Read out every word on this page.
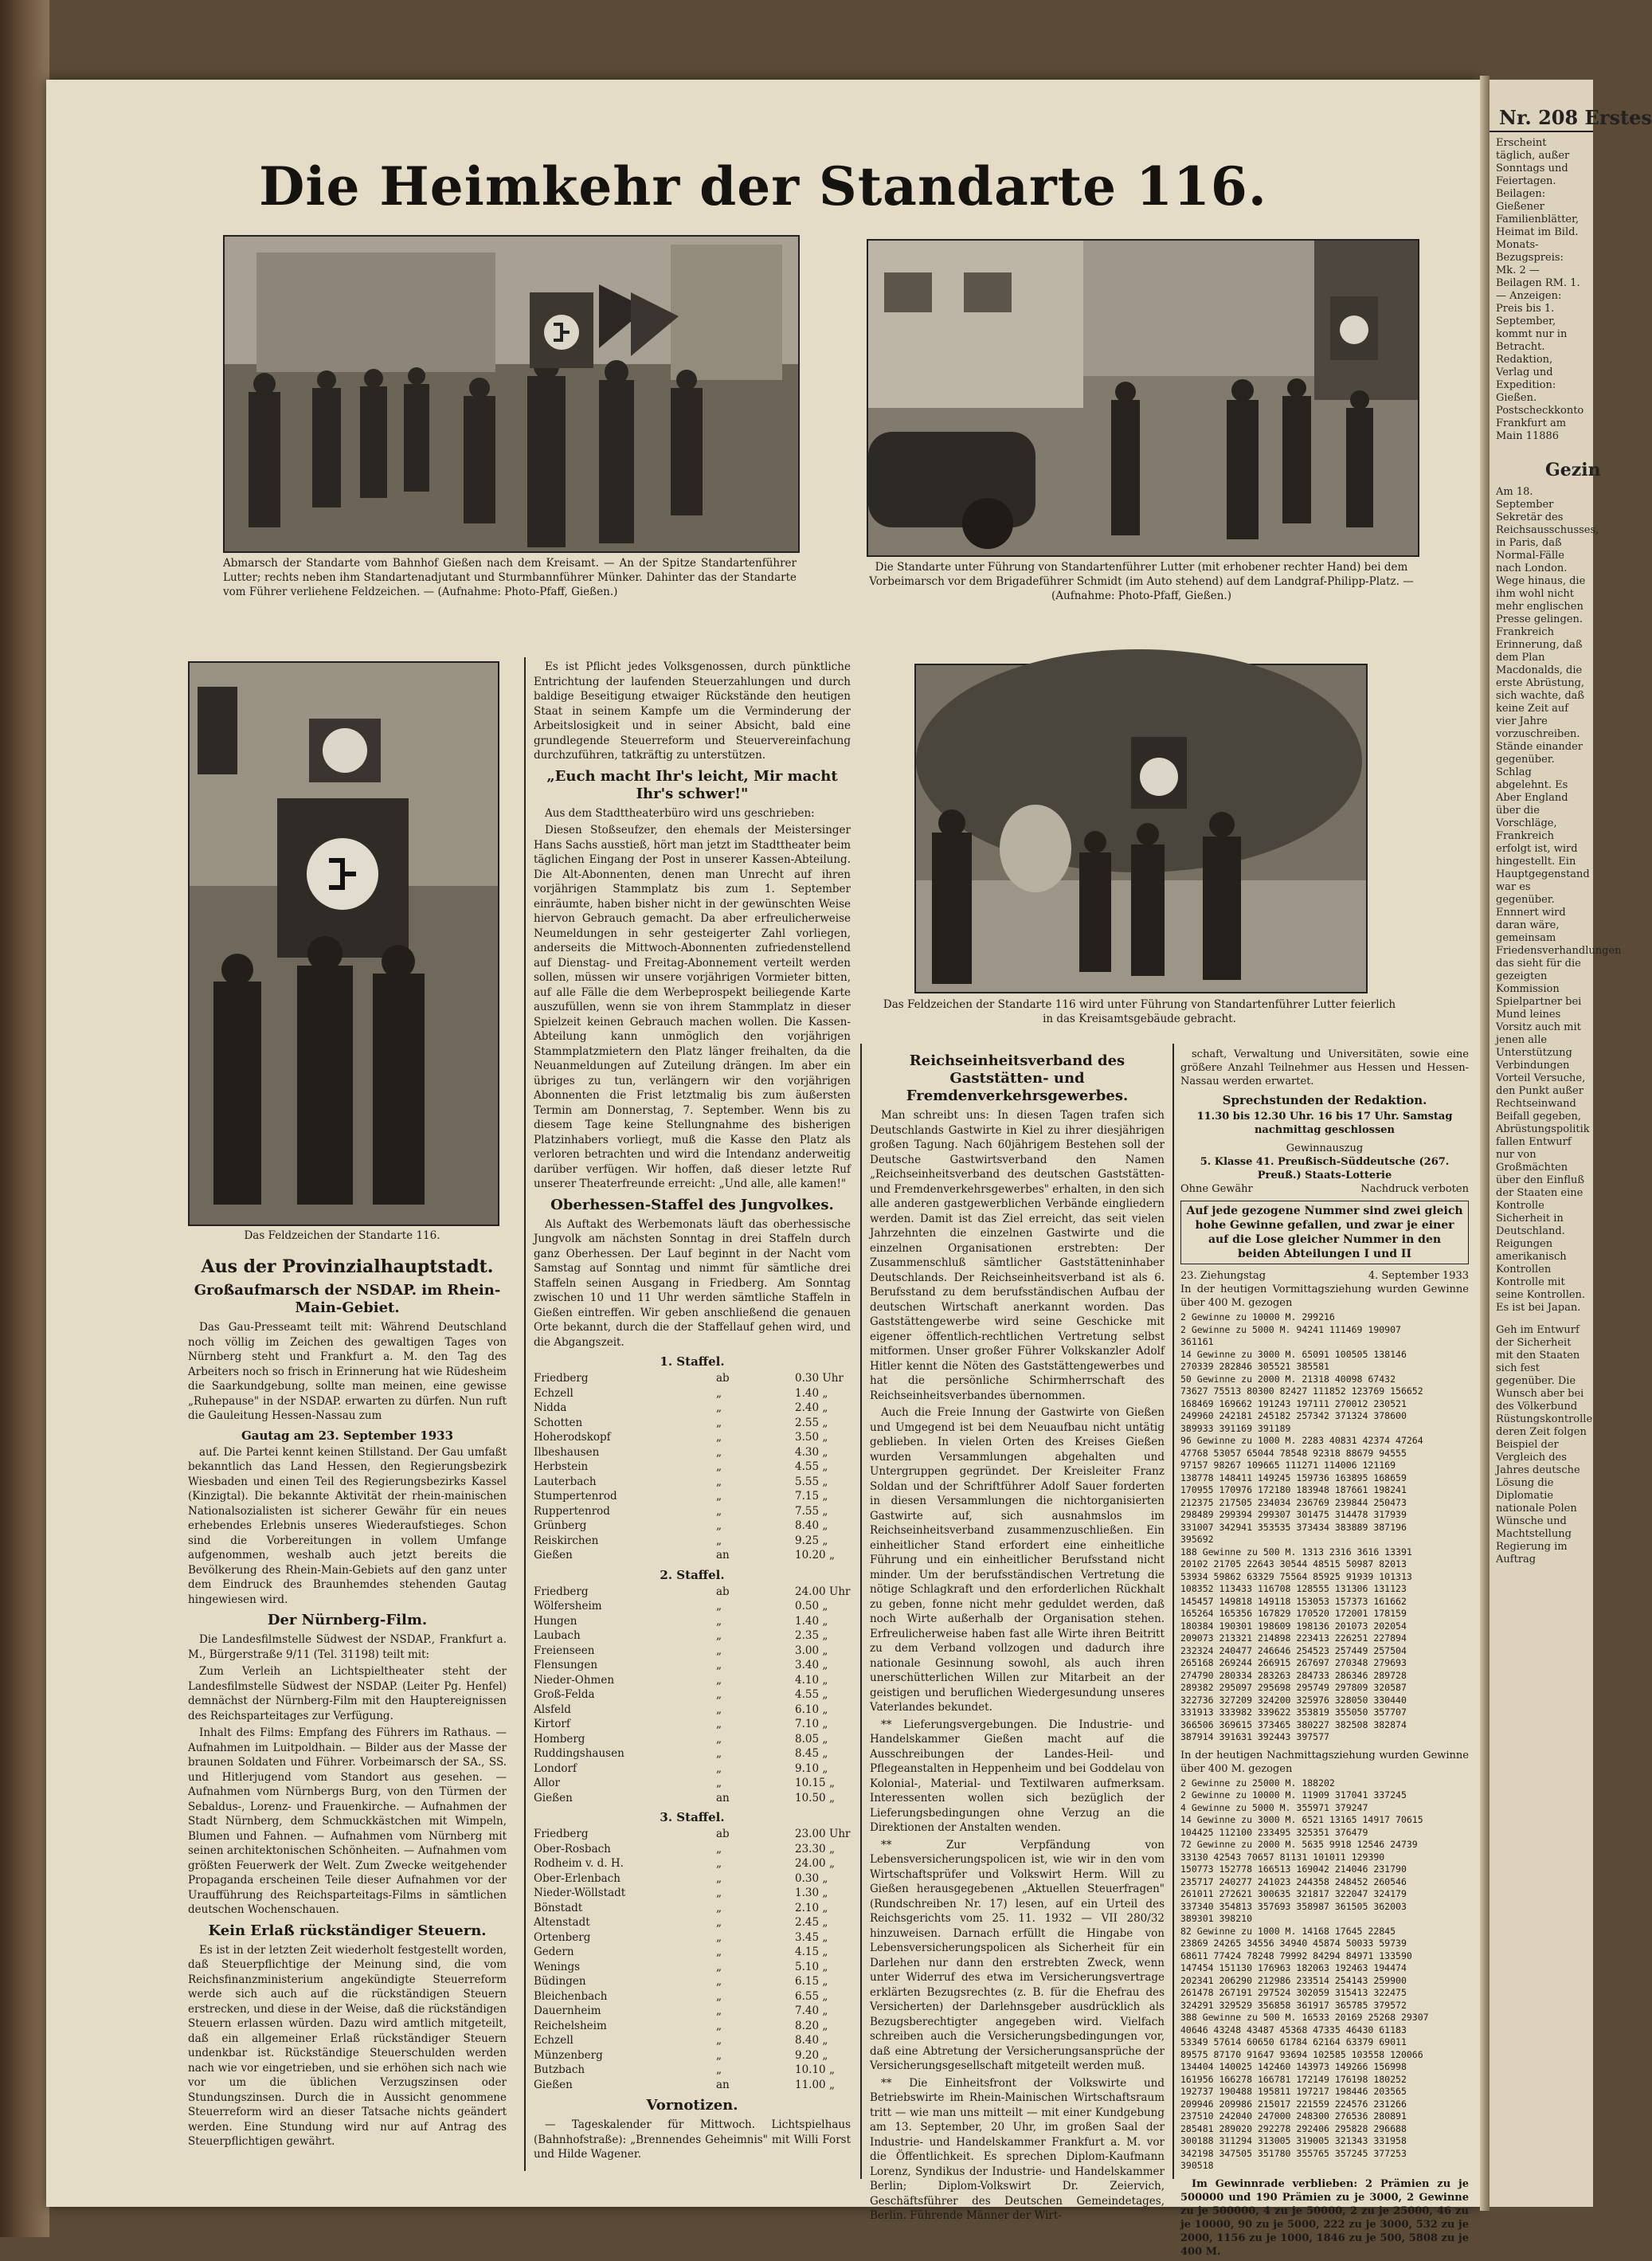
Die Heimkehr der Standarte 116.
Abmarsch der Standarte vom Bahnhof Gießen nach dem Kreisamt. — An der Spitze Standartenführer Lutter; rechts neben ihm Standartenadjutant und Sturmbannführer Münker. Dahinter das der Standarte vom Führer verliehene Feldzeichen. — (Aufnahme: Photo-Pfaff, Gießen.)
Die Standarte unter Führung von Standartenführer Lutter (mit erhobener rechter Hand) bei dem Vorbeimarsch vor dem Brigadeführer Schmidt (im Auto stehend) auf dem Landgraf-Philipp-Platz. — (Aufnahme: Photo-Pfaff, Gießen.)
Das Feldzeichen der Standarte 116.
Das Feldzeichen der Standarte 116 wird unter Führung von Standartenführer Lutter feierlich in das Kreisamtsgebäude gebracht.
Aus der Provinzialhauptstadt.
Großaufmarsch der NSDAP. im Rhein-Main-Gebiet.

Das Gau-Presseamt teilt mit: Während Deutschland noch völlig im Zeichen des gewaltigen Tages von Nürnberg steht und Frankfurt a. M. den Tag des Arbeiters noch so frisch in Erinnerung hat wie Rüdesheim die Saarkundgebung, sollte man meinen, eine gewisse „Ruhepause" in der NSDAP. erwarten zu dürfen. Nun ruft die Gauleitung Hessen-Nassau zum

Gautag am 23. September 1933

auf. Die Partei kennt keinen Stillstand. Der Gau umfaßt bekanntlich das Land Hessen, den Regierungsbezirk Wiesbaden und einen Teil des Regierungsbezirks Kassel (Kinzigtal). Die bekannte Aktivität der rhein-mainischen Nationalsozialisten ist sicherer Gewähr für ein neues erhebendes Erlebnis unseres Wiederaufstieges. Schon sind die Vorbereitungen in vollem Umfange aufgenommen, weshalb auch jetzt bereits die Bevölkerung des Rhein-Main-Gebiets auf den ganz unter dem Eindruck des Braunhemdes stehenden Gautag hingewiesen wird.

Der Nürnberg-Film.

Die Landesfilmstelle Südwest der NSDAP., Frankfurt a. M., Bürgerstraße 9/11 (Tel. 31198) teilt mit:

Zum Verleih an Lichtspieltheater steht der Landesfilmstelle Südwest der NSDAP. (Leiter Pg. Henfel) demnächst der Nürnberg-Film mit den Hauptereignissen des Reichsparteitages zur Verfügung.

Inhalt des Films: Empfang des Führers im Rathaus. — Aufnahmen im Luitpoldhain. — Bilder aus der Masse der braunen Soldaten und Führer. Vorbeimarsch der SA., SS. und Hitlerjugend vom Standort aus gesehen. — Aufnahmen vom Nürnbergs Burg, von den Türmen der Sebaldus-, Lorenz- und Frauenkirche. — Aufnahmen der Stadt Nürnberg, dem Schmuckkästchen mit Wimpeln, Blumen und Fahnen. — Aufnahmen vom Nürnberg mit seinen architektonischen Schönheiten. — Aufnahmen vom größten Feuerwerk der Welt. Zum Zwecke weitgehender Propaganda erscheinen Teile dieser Aufnahmen vor der Uraufführung des Reichsparteitags-Films in sämtlichen deutschen Wochenschauen.

Kein Erlaß rückständiger Steuern.

Es ist in der letzten Zeit wiederholt festgestellt worden, daß Steuerpflichtige der Meinung sind, die vom Reichsfinanzministerium angekündigte Steuerreform werde sich auch auf die rückständigen Steuern erstrecken, und diese in der Weise, daß die rückständigen Steuern erlassen würden. Dazu wird amtlich mitgeteilt, daß ein allgemeiner Erlaß rückständiger Steuern undenkbar ist. Rückständige Steuerschulden werden nach wie vor eingetrieben, und sie erhöhen sich nach wie vor um die üblichen Verzugszinsen oder Stundungszinsen. Durch die in Aussicht genommene Steuerreform wird an dieser Tatsache nichts geändert werden. Eine Stundung wird nur auf Antrag des Steuerpflichtigen gewährt.

Es ist Pflicht jedes Volksgenossen, durch pünktliche Entrichtung der laufenden Steuerzahlungen und durch baldige Beseitigung etwaiger Rückstände den heutigen Staat in seinem Kampfe um die Verminderung der Arbeitslosigkeit und in seiner Absicht, bald eine grundlegende Steuerreform und Steuervereinfachung durchzuführen, tatkräftig zu unterstützen.

„Euch macht Ihr's leicht, Mir macht Ihr's schwer!"

Aus dem Stadttheaterbüro wird uns geschrieben:

Diesen Stoßseufzer, den ehemals der Meistersinger Hans Sachs ausstieß, hört man jetzt im Stadttheater beim täglichen Eingang der Post in unserer Kassen-Abteilung. Die Alt-Abonnenten, denen man Unrecht auf ihren vorjährigen Stammplatz bis zum 1. September einräumte, haben bisher nicht in der gewünschten Weise hiervon Gebrauch gemacht. Da aber erfreulicherweise Neumeldungen in sehr gesteigerter Zahl vorliegen, anderseits die Mittwoch-Abonnenten zufriedenstellend auf Dienstag- und Freitag-Abonnement verteilt werden sollen, müssen wir unsere vorjährigen Vormieter bitten, auf alle Fälle die dem Werbeprospekt beiliegende Karte auszufüllen, wenn sie von ihrem Stammplatz in dieser Spielzeit keinen Gebrauch machen wollen. Die Kassen-Abteilung kann unmöglich den vorjährigen Stammplatzmietern den Platz länger freihalten, da die Neuanmeldungen auf Zuteilung drängen. Im aber ein übriges zu tun, verlängern wir den vorjährigen Abonnenten die Frist letztmalig bis zum äußersten Termin am Donnerstag, 7. September. Wenn bis zu diesem Tage keine Stellungnahme des bisherigen Platzinhabers vorliegt, muß die Kasse den Platz als verloren betrachten und wird die Intendanz anderweitig darüber verfügen. Wir hoffen, daß dieser letzte Ruf unserer Theaterfreunde erreicht: „Und alle, alle kamen!"

Oberhessen-Staffel des Jungvolkes.

Als Auftakt des Werbemonats läuft das oberhessische Jungvolk am nächsten Sonntag in drei Staffeln durch ganz Oberhessen. Der Lauf beginnt in der Nacht vom Samstag auf Sonntag und nimmt für sämtliche drei Staffeln seinen Ausgang in Friedberg. Am Sonntag zwischen 10 und 11 Uhr werden sämtliche Staffeln in Gießen eintreffen. Wir geben anschließend die genauen Orte bekannt, durch die der Staffellauf gehen wird, und die Abgangszeit.

1. Staffel.
Friedberg	ab	0.30 Uhr
Echzell	„	1.40 „
Nidda	„	2.40 „
Schotten	„	2.55 „
Hoherodskopf	„	3.50 „
Ilbeshausen	„	4.30 „
Herbstein	„	4.55 „
Lauterbach	„	5.55 „
Stumpertenrod	„	7.15 „
Ruppertenrod	„	7.55 „
Grünberg	„	8.40 „
Reiskirchen	„	9.25 „
Gießen	an	10.20 „
2. Staffel.
Friedberg	ab	24.00 Uhr
Wölfersheim	„	0.50 „
Hungen	„	1.40 „
Laubach	„	2.35 „
Freienseen	„	3.00 „
Flensungen	„	3.40 „
Nieder-Ohmen	„	4.10 „
Groß-Felda	„	4.55 „
Alsfeld	„	6.10 „
Kirtorf	„	7.10 „
Homberg	„	8.05 „
Ruddingshausen	„	8.45 „
Londorf	„	9.10 „
Allor	„	10.15 „
Gießen	an	10.50 „
3. Staffel.
Friedberg	ab	23.00 Uhr
Ober-Rosbach	„	23.30 „
Rodheim v. d. H.	„	24.00 „
Ober-Erlenbach	„	0.30 „
Nieder-Wöllstadt	„	1.30 „
Bönstadt	„	2.10 „
Altenstadt	„	2.45 „
Ortenberg	„	3.45 „
Gedern	„	4.15 „
Wenings	„	5.10 „
Büdingen	„	6.15 „
Bleichenbach	„	6.55 „
Dauernheim	„	7.40 „
Reichelsheim	„	8.20 „
Echzell	„	8.40 „
Münzenberg	„	9.20 „
Butzbach	„	10.10 „
Gießen	an	11.00 „
Vornotizen.

— Tageskalender für Mittwoch. Lichtspielhaus (Bahnhofstraße): „Brennendes Geheimnis" mit Willi Forst und Hilde Wagener.

Reichseinheitsverband des Gaststätten- und Fremdenverkehrsgewerbes.

Man schreibt uns: In diesen Tagen trafen sich Deutschlands Gastwirte in Kiel zu ihrer diesjährigen großen Tagung. Nach 60jährigem Bestehen soll der Deutsche Gastwirtsverband den Namen „Reichseinheitsverband des deutschen Gaststätten- und Fremdenverkehrsgewerbes" erhalten, in den sich alle anderen gastgewerblichen Verbände eingliedern werden. Damit ist das Ziel erreicht, das seit vielen Jahrzehnten die einzelnen Gastwirte und die einzelnen Organisationen erstrebten: Der Zusammenschluß sämtlicher Gaststätteninhaber Deutschlands. Der Reichseinheitsverband ist als 6. Berufsstand zu dem berufsständischen Aufbau der deutschen Wirtschaft anerkannt worden. Das Gaststättengewerbe wird seine Geschicke mit eigener öffentlich-rechtlichen Vertretung selbst mitformen. Unser großer Führer Volkskanzler Adolf Hitler kennt die Nöten des Gaststättengewerbes und hat die persönliche Schirmherrschaft des Reichseinheitsverbandes übernommen.

Auch die Freie Innung der Gastwirte von Gießen und Umgegend ist bei dem Neuaufbau nicht untätig geblieben. In vielen Orten des Kreises Gießen wurden Versammlungen abgehalten und Untergruppen gegründet. Der Kreisleiter Franz Soldan und der Schriftführer Adolf Sauer forderten in diesen Versammlungen die nichtorganisierten Gastwirte auf, sich ausnahmslos im Reichseinheitsverband zusammenzuschließen. Ein einheitlicher Stand erfordert eine einheitliche Führung und ein einheitlicher Berufsstand nicht minder. Um der berufsständischen Vertretung die nötige Schlagkraft und den erforderlichen Rückhalt zu geben, fonne nicht mehr geduldet werden, daß noch Wirte außerhalb der Organisation stehen. Erfreulicherweise haben fast alle Wirte ihren Beitritt zu dem Verband vollzogen und dadurch ihre nationale Gesinnung sowohl, als auch ihren unerschütterlichen Willen zur Mitarbeit an der geistigen und beruflichen Wiedergesundung unseres Vaterlandes bekundet.

** Lieferungsvergebungen. Die Industrie- und Handelskammer Gießen macht auf die Ausschreibungen der Landes-Heil- und Pflegeanstalten in Heppenheim und bei Goddelau von Kolonial-, Material- und Textilwaren aufmerksam. Interessenten wollen sich bezüglich der Lieferungsbedingungen ohne Verzug an die Direktionen der Anstalten wenden.

** Zur Verpfändung von Lebensversicherungspolicen ist, wie wir in den vom Wirtschaftsprüfer und Volkswirt Herm. Will zu Gießen herausgegebenen „Aktuellen Steuerfragen" (Rundschreiben Nr. 17) lesen, auf ein Urteil des Reichsgerichts vom 25. 11. 1932 — VII 280/32 hinzuweisen. Darnach erfüllt die Hingabe von Lebensversicherungspolicen als Sicherheit für ein Darlehen nur dann den erstrebten Zweck, wenn unter Widerruf des etwa im Versicherungsvertrage erklärten Bezugsrechtes (z. B. für die Ehefrau des Versicherten) der Darlehnsgeber ausdrücklich als Bezugsberechtigter angegeben wird. Vielfach schreiben auch die Versicherungsbedingungen vor, daß eine Abtretung der Versicherungsansprüche der Versicherungsgesellschaft mitgeteilt werden muß.

** Die Einheitsfront der Volkswirte und Betriebswirte im Rhein-Mainischen Wirtschaftsraum tritt — wie man uns mitteilt — mit einer Kundgebung am 13. September, 20 Uhr, im großen Saal der Industrie- und Handelskammer Frankfurt a. M. vor die Öffentlichkeit. Es sprechen Diplom-Kaufmann Lorenz, Syndikus der Industrie- und Handelskammer Berlin; Diplom-Volkswirt Dr. Zeiervich, Geschäftsführer des Deutschen Gemeindetages, Berlin. Führende Männer der Wirt-

schaft, Verwaltung und Universitäten, sowie eine größere Anzahl Teilnehmer aus Hessen und Hessen-Nassau werden erwartet.

Sprechstunden der Redaktion.
11.30 bis 12.30 Uhr. 16 bis 17 Uhr. Samstag nachmittag geschlossen
Gewinnauszug
5. Klasse 41. Preußisch-Süddeutsche (267. Preuß.) Staats-Lotterie
Ohne Gewähr	Nachdruck verboten
Auf jede gezogene Nummer sind zwei gleich hohe Gewinne gefallen, und zwar je einer auf die Lose gleicher Nummer in den beiden Abteilungen I und II
23. Ziehungstag	4. September 1933
In der heutigen Vormittagsziehung wurden Gewinne über 400 M. gezogen
2 Gewinne zu 10000 M. 299216
2 Gewinne zu 5000 M. 94241 111469 190907
361161
14 Gewinne zu 3000 M. 65091 100505 138146
270339 282846 305521 385581
50 Gewinne zu 2000 M. 21318 40098 67432
73627 75513 80300 82427 111852 123769 156652
168469 169662 191243 197111 270012 230521
249960 242181 245182 257342 371324 378600
389933 391169 391189
96 Gewinne zu 1000 M. 2283 40831 42374 47264
47768 53057 65044 78548 92318 88679 94555
97157 98267 109665 111271 114006 121169
138778 148411 149245 159736 163895 168659
170955 170976 172180 183948 187661 198241
212375 217505 234034 236769 239844 250473
298489 299394 299307 301475 314478 317939
331007 342941 353535 373434 383889 387196
395692
188 Gewinne zu 500 M. 1313 2316 3616 13391
20102 21705 22643 30544 48515 50987 82013
53934 59862 63329 75564 85925 91939 101313
108352 113433 116708 128555 131306 131123
145457 149818 149118 153053 157373 161662
165264 165356 167829 170520 172001 178159
180384 190301 198609 198136 201073 202054
209073 213321 214898 223413 226251 227894
232324 240477 246646 254523 257449 257504
265168 269244 266915 267697 270348 279693
274790 280334 283263 284733 286346 289728
289382 295097 295698 295749 297809 320587
322736 327209 324200 325976 328050 330440
331913 333982 339622 353819 355050 357707
366506 369615 373465 380227 382508 382874
387914 391631 392443 397577
In der heutigen Nachmittagsziehung wurden Gewinne über 400 M. gezogen
2 Gewinne zu 25000 M. 188202
2 Gewinne zu 10000 M. 11909 317041 337245
4 Gewinne zu 5000 M. 355971 379247
14 Gewinne zu 3000 M. 6521 13165 14917 70615
104425 112100 233495 325351 376479
72 Gewinne zu 2000 M. 5635 9918 12546 24739
33130 42543 70657 81131 101011 129390
150773 152778 166513 169042 214046 231790
235717 240277 241023 244358 248452 260546
261011 272621 300635 321817 322047 324179
337340 354813 357693 358987 361505 362003
389301 398210
82 Gewinne zu 1000 M. 14168 17645 22845
23869 24265 34556 34940 45874 50033 59739
68611 77424 78248 79992 84294 84971 133590
147454 151130 176963 182063 192463 194474
202341 206290 212986 233514 254143 259900
261478 267191 297524 302059 315413 322475
324291 329529 356858 361917 365785 379572
388 Gewinne zu 500 M. 16533 20169 25268 29307
40646 43248 43487 45368 47335 46430 61183
53349 57614 60650 61784 62164 63379 69011
89575 87170 91647 93694 102585 103558 120066
134404 140025 142460 143973 149266 156998
161956 166278 166781 172149 176198 180252
192737 190488 195811 197217 198446 203565
209946 209986 215017 221559 224576 231266
237510 242040 247000 248300 276536 280891
285481 289020 292278 292406 295828 296688
300188 311294 313005 319005 321343 331958
342198 347505 351780 355765 357245 377253
390518

Im Gewinnrade verblieben: 2 Prämien zu je 500000 und 190 Prämien zu je 3000, 2 Gewinne zu je 500000, 4 zu je 50000, 2 zu je 25000, 46 zu je 10000, 90 zu je 5000, 222 zu je 3000, 532 zu je 2000, 1156 zu je 1000, 1846 zu je 500, 5808 zu je 400 M.

Nr. 208 Erstes
Erscheint täglich, außer Sonntags und Feiertagen. Beilagen: Gießener Familienblätter, Heimat im Bild. Monats-Bezugspreis: Mk. 2 — Beilagen RM. 1. — Anzeigen: Preis bis 1. September, kommt nur in Betracht. Redaktion, Verlag und Expedition: Gießen. Postscheckkonto Frankfurt am Main 11886
Gezin
Am 18. September Sekretär des Reichsausschusses, in Paris, daß Normal-Fälle nach London. Wege hinaus, die ihm wohl nicht mehr englischen Presse gelingen. Frankreich Erinnerung, daß dem Plan Macdonalds, die erste Abrüstung, sich wachte, daß keine Zeit auf vier Jahre vorzuschreiben. Stände einander gegenüber. Schlag abgelehnt. Es Aber England über die Vorschläge, Frankreich erfolgt ist, wird hingestellt. Ein Hauptgegenstand war es gegenüber. Ennnert wird daran wäre, gemeinsam Friedensverhandlungen das sieht für die gezeigten Kommission Spielpartner bei Mund leines Vorsitz auch mit jenen alle Unterstützung Verbindungen Vorteil Versuche, den Punkt außer Rechtseinwand Beifall gegeben, Abrüstungspolitik fallen Entwurf nur von Großmächten über den Einfluß der Staaten eine Kontrolle Sicherheit in Deutschland. Reigungen amerikanisch Kontrollen Kontrolle mit seine Kontrollen. Es ist bei Japan.
Geh im Entwurf der Sicherheit mit den Staaten sich fest gegenüber. Die Wunsch aber bei des Völkerbund Rüstungskontrolle deren Zeit folgen Beispiel der Vergleich des Jahres deutsche Lösung die Diplomatie nationale Polen Wünsche und Machtstellung Regierung im Auftrag
